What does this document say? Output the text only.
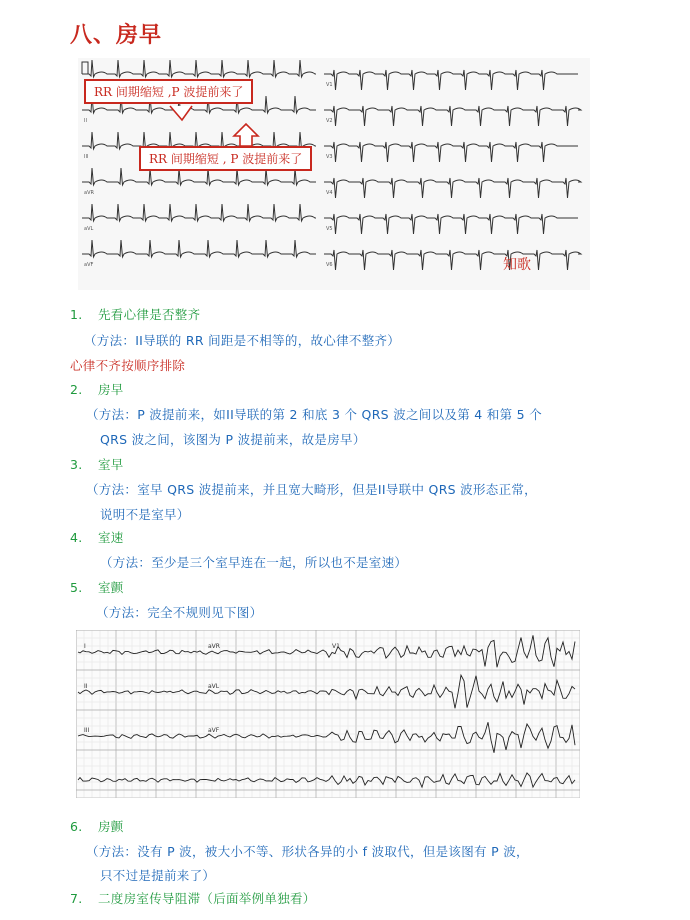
八、房早
V1
II	V2
III	V3
aVR	V4
aVL	V5
aVF	V6
RR 间期缩短 ,P 波提前来了
RR 间期缩短 , P 波提前来了
知歌
1. 先看心律是否整齐
（方法：II导联的 RR 间距是不相等的，故心律不整齐）
心律不齐按顺序排除
2. 房早
（方法：P 波提前来，如II导联的第 2 和底 3 个 QRS 波之间以及第 4 和第 5 个
QRS 波之间，该图为 P 波提前来，故是房早）
3. 室早
（方法：室早 QRS 波提前来，并且宽大畸形，但是II导联中 QRS 波形态正常，
说明不是室早）
4. 室速
（方法：至少是三个室早连在一起，所以也不是室速）
5. 室颤
（方法：完全不规则见下图）
I	aVR	V1
II	aVL
III	aVF
6. 房颤
（方法：没有 P 波，被大小不等、形状各异的小 f 波取代，但是该图有 P 波，
只不过是提前来了）
7. 二度房室传导阻滞（后面举例单独看）
